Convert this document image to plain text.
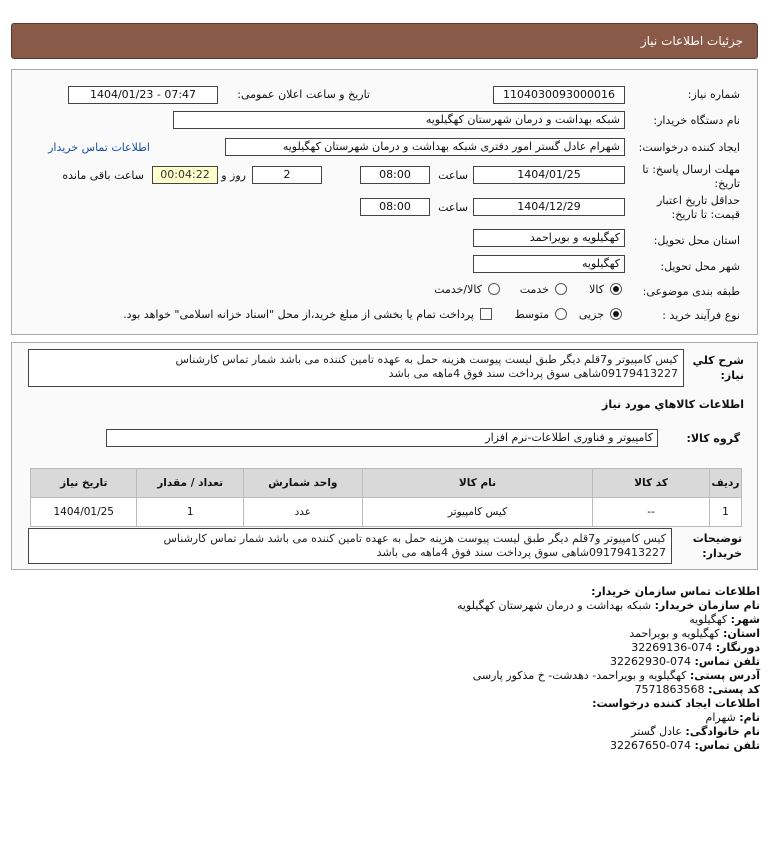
جزئیات اطلاعات نیاز
شماره نیاز:
1104030093000016
تاریخ و ساعت اعلان عمومی:
1404/01/23 - 07:47
نام دستگاه خریدار:
شبکه بهداشت و درمان شهرستان کهگیلویه
ایجاد کننده درخواست:
شهرام عادل گستر امور دفتری شبکه بهداشت و درمان شهرستان کهگیلویه
اطلاعات تماس خریدار
مهلت ارسال پاسخ: تا
تاریخ:
1404/01/25
ساعت
08:00
2
روز و
00:04:22
ساعت باقی مانده
حداقل تاریخ اعتبار
قیمت: تا تاریخ:
1404/12/29
ساعت
08:00
استان محل تحویل:
کهگیلویه و بویراحمد
شهر محل تحویل:
کهگیلویه
طبقه بندی موضوعی:
کالا
خدمت
کالا/خدمت
نوع فرآیند خرید :
جزیی
متوسط
پرداخت تمام یا بخشی از مبلغ خرید،از محل "اسناد خزانه اسلامی" خواهد بود.
شرح کلي
نیاز:
کیس کامپیوتر و7قلم دیگر طبق لیست پیوست هزینه حمل به عهده تامین کننده می باشد شمار تماس کارشناس
09179413227شاهی سوق پرداخت سند فوق 4ماهه می باشد
اطلاعات کالاهاي مورد نياز
گروه کالا:
کامپیوتر و فناوری اطلاعات-نرم افزار
ردیف	کد کالا	نام کالا	واحد شمارش	تعداد / مقدار	تاریخ نیاز
1	--	کیس کامپیوتر	عدد	1	1404/01/25
توضیحات
خریدار:
کیس کامپیوتر و7قلم دیگر طبق لیست پیوست هزینه حمل به عهده تامین کننده می باشد شمار تماس کارشناس
09179413227شاهی سوق پرداخت سند فوق 4ماهه می باشد
اطلاعات تماس سازمان خریدار:
نام سازمان خریدار: شبکه بهداشت و درمان شهرستان کهگیلویه
شهر: کهگیلویه
استان: کهگیلویه و بویراحمد
دورنگار: 074-32269136
تلفن تماس: 074-32262930
آدرس پستی: کهگیلویه و بویراحمد- دهدشت- خ مذکور پارسی
کد پستی: 7571863568
اطلاعات ایجاد کننده درخواست:
نام: شهرام
نام خانوادگی: عادل گستر
تلفن تماس: 074-32267650
